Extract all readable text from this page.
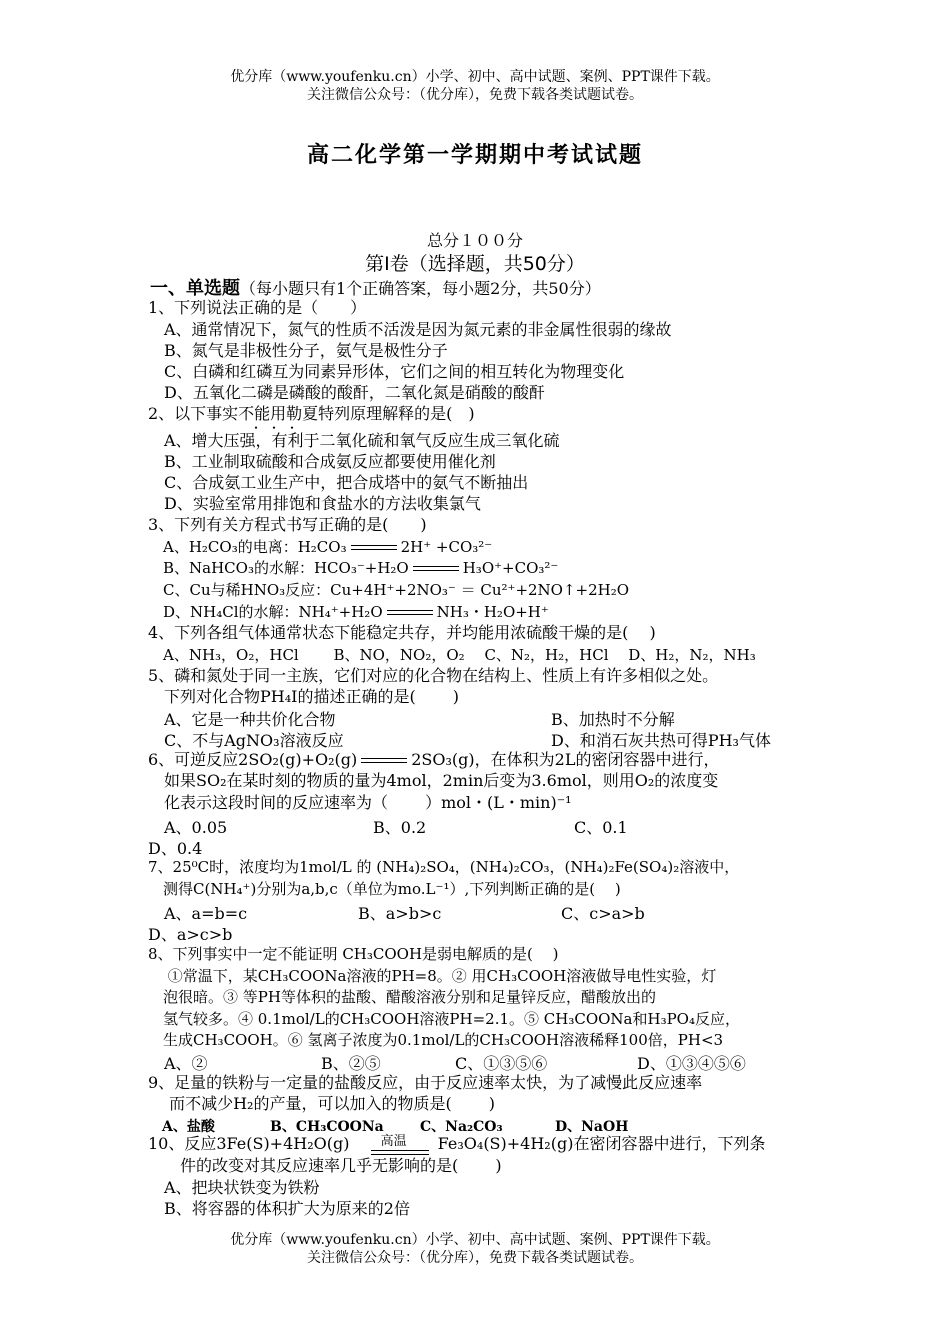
优分库（www.youfenku.cn）小学、初中、高中试题、案例、PPT课件下载。
关注微信公众号：（优分库），免费下载各类试题试卷。
高二化学第一学期期中考试试题
总分１００分
第Ⅰ卷（选择题，共50分）
一、单选题（每小题只有1个正确答案，每小题2分，共50分）
1、下列说法正确的是（　　）
　A、通常情况下，氮气的性质不活泼是因为氮元素的非金属性很弱的缘故
　B、氮气是非极性分子，氨气是极性分子
　C、白磷和红磷互为同素异形体，它们之间的相互转化为物理变化
　D、五氧化二磷是磷酸的酸酐，二氧化氮是硝酸的酸酐
2、以下事实不能用勒夏特列原理解释的是(　)
・・・
　A、增大压强，有利于二氧化硫和氧气反应生成三氧化硫
　B、工业制取硫酸和合成氨反应都要使用催化剂
　C、合成氨工业生产中，把合成塔中的氨气不断抽出
　D、实验室常用排饱和食盐水的方法收集氯气
3、下列有关方程式书写正确的是(　　)
　A、H₂CO₃的电离：H₂CO₃	2H⁺ +CO₃²⁻
　B、NaHCO₃的水解：HCO₃⁻+H₂O	H₃O⁺+CO₃²⁻
　C、Cu与稀HNO₃反应：Cu+4H⁺+2NO₃⁻ ＝ Cu²⁺+2NO↑+2H₂O
　D、NH₄Cl的水解：NH₄⁺+H₂O	NH₃・H₂O+H⁺
4、下列各组气体通常状态下能稳定共存，并均能用浓硫酸干燥的是(　 )
　A、NH₃，O₂，HCl　　 B、NO，NO₂，O₂　 C、N₂，H₂，HCl　 D、H₂，N₂，NH₃
5、磷和氮处于同一主族，它们对应的化合物在结构上、性质上有许多相似之处。
　下列对化合物PH₄I的描述正确的是(　　 )
　A、它是一种共价化合物	B、加热时不分解
　C、不与AgNO₃溶液反应	D、和消石灰共热可得PH₃气体
6、可逆反应2SO₂(g)+O₂(g)	2SO₃(g)，在体积为2L的密闭容器中进行，
　如果SO₂在某时刻的物质的量为4mol，2min后变为3.6mol，则用O₂的浓度变
　化表示这段时间的反应速率为（　　 ）mol・(L・min)⁻¹
　A、0.05	B、0.2	C、0.1
D、0.4
7、25⁰C时，浓度均为1mol/L 的 (NH₄)₂SO₄，(NH₄)₂CO₃，(NH₄)₂Fe(SO₄)₂溶液中，
　测得C(NH₄⁺)分别为a,b,c（单位为mo.L⁻¹）,下列判断正确的是(　 )
　A、a=b=c	B、a>b>c	C、c>a>b
D、a>c>b
8、下列事实中一定不能证明 CH₃COOH是弱电解质的是(　 )
　 ①常温下，某CH₃COONa溶液的PH=8。② 用CH₃COOH溶液做导电性实验，灯
　泡很暗。③ 等PH等体积的盐酸、醋酸溶液分别和足量锌反应，醋酸放出的
　氢气较多。④ 0.1mol/L的CH₃COOH溶液PH=2.1。⑤ CH₃COONa和H₃PO₄反应，
　生成CH₃COOH。⑥ 氢离子浓度为0.1mol/L的CH₃COOH溶液稀释100倍，PH<3
　A、②	B、②⑤	C、①③⑤⑥	D、①③④⑤⑥
9、足量的铁粉与一定量的盐酸反应，由于反应速率太快，为了减慢此反应速率
　 而不减少H₂的产量，可以加入的物质是(　　 )
　A、盐酸	B、CH₃COONa	C、Na₂CO₃	D、NaOH
10、反应3Fe(S)+4H₂O(g) $^{高温}$ Fe₃O₄(S)+4H₂(g)在密闭容器中进行，下列条
　　件的改变对其反应速率几乎无影响的是(　　 )
　A、把块状铁变为铁粉
　B、将容器的体积扩大为原来的2倍
优分库（www.youfenku.cn）小学、初中、高中试题、案例、PPT课件下载。
关注微信公众号：（优分库），免费下载各类试题试卷。
